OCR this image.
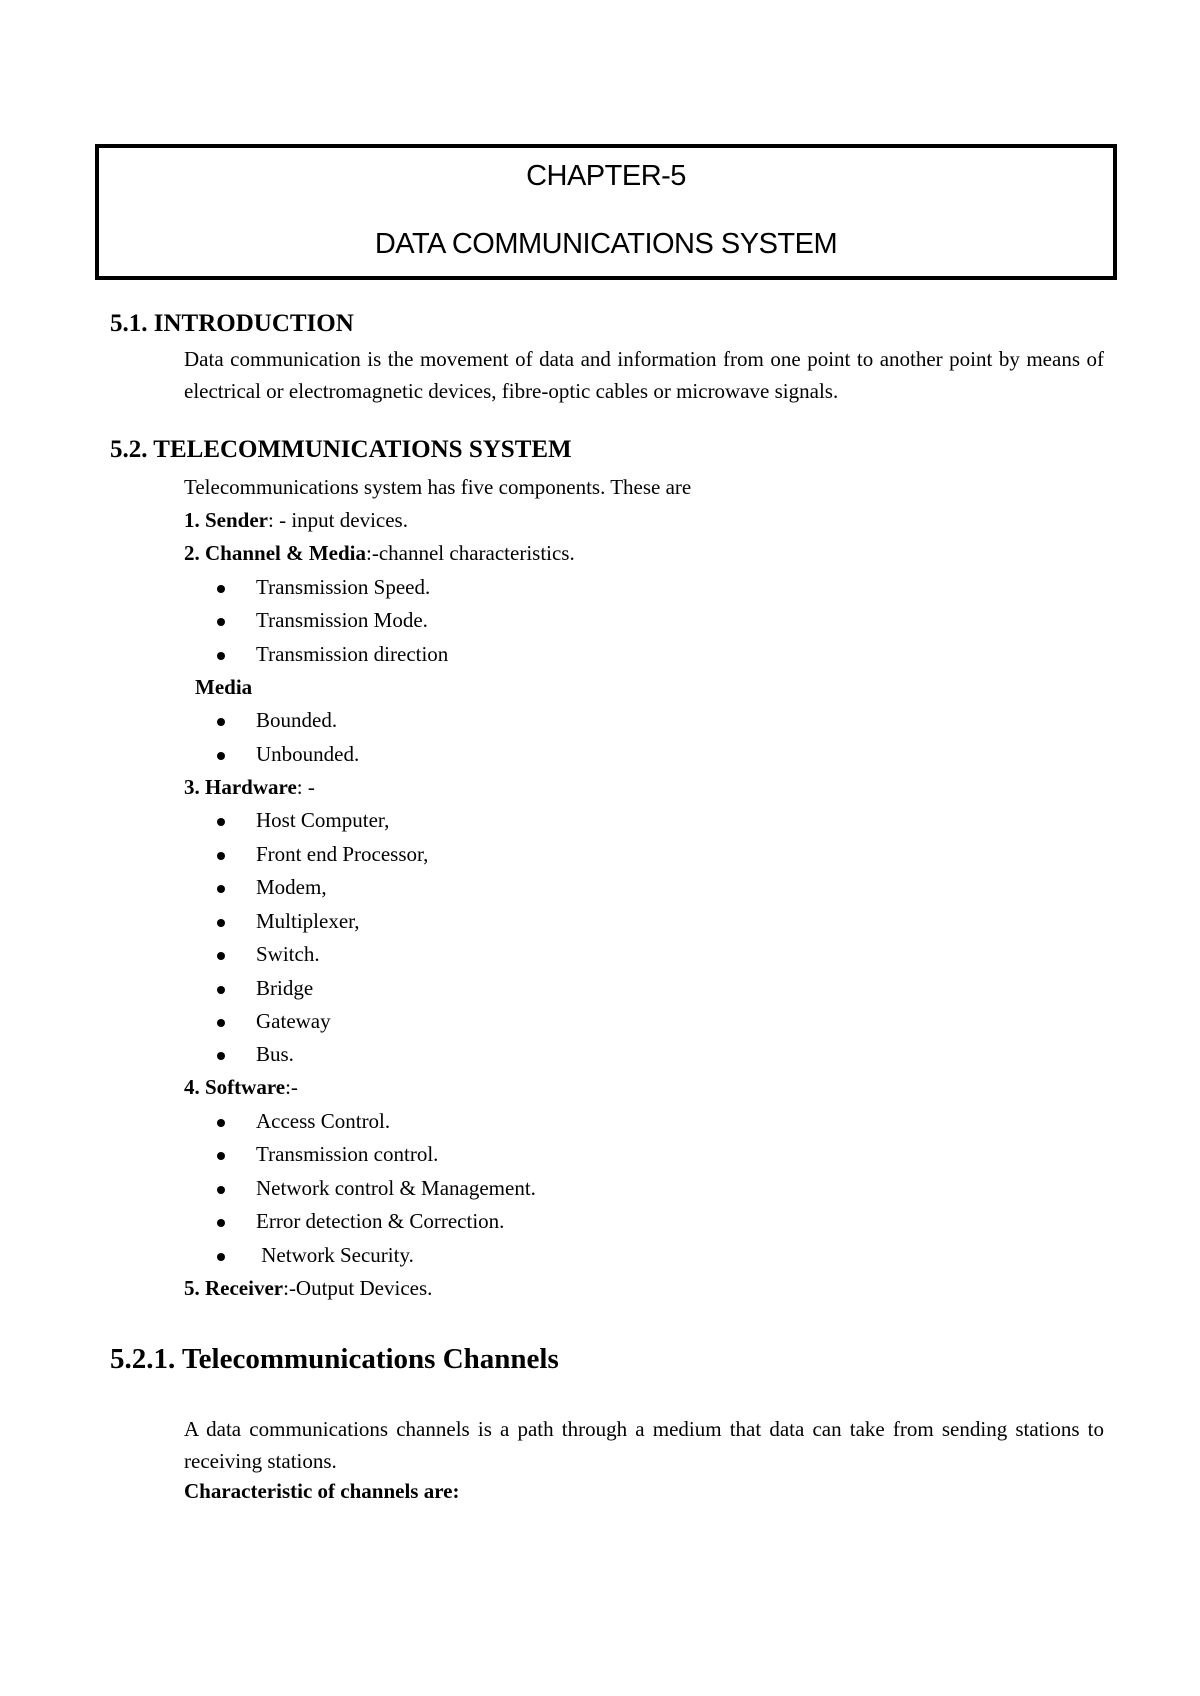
CHAPTER-5
DATA COMMUNICATIONS SYSTEM
5.1. INTRODUCTION
Data communication is the movement of data and information from one point to another point by means of electrical or electromagnetic devices, fibre-optic cables or microwave signals.
5.2. TELECOMMUNICATIONS SYSTEM
Telecommunications system has five components. These are
1. Sender: - input devices.
2. Channel & Media:-channel characteristics.
Transmission Speed.
Transmission Mode.
Transmission direction
Media
Bounded.
Unbounded.
3. Hardware: -
Host Computer,
Front end Processor,
Modem,
Multiplexer,
Switch.
Bridge
Gateway
Bus.
4. Software:-
Access Control.
Transmission control.
Network control & Management.
Error detection & Correction.
Network Security.
5. Receiver:-Output Devices.
5.2.1. Telecommunications Channels
A data communications channels is a path through a medium that data can take from sending stations to receiving stations.
Characteristic of channels are:
